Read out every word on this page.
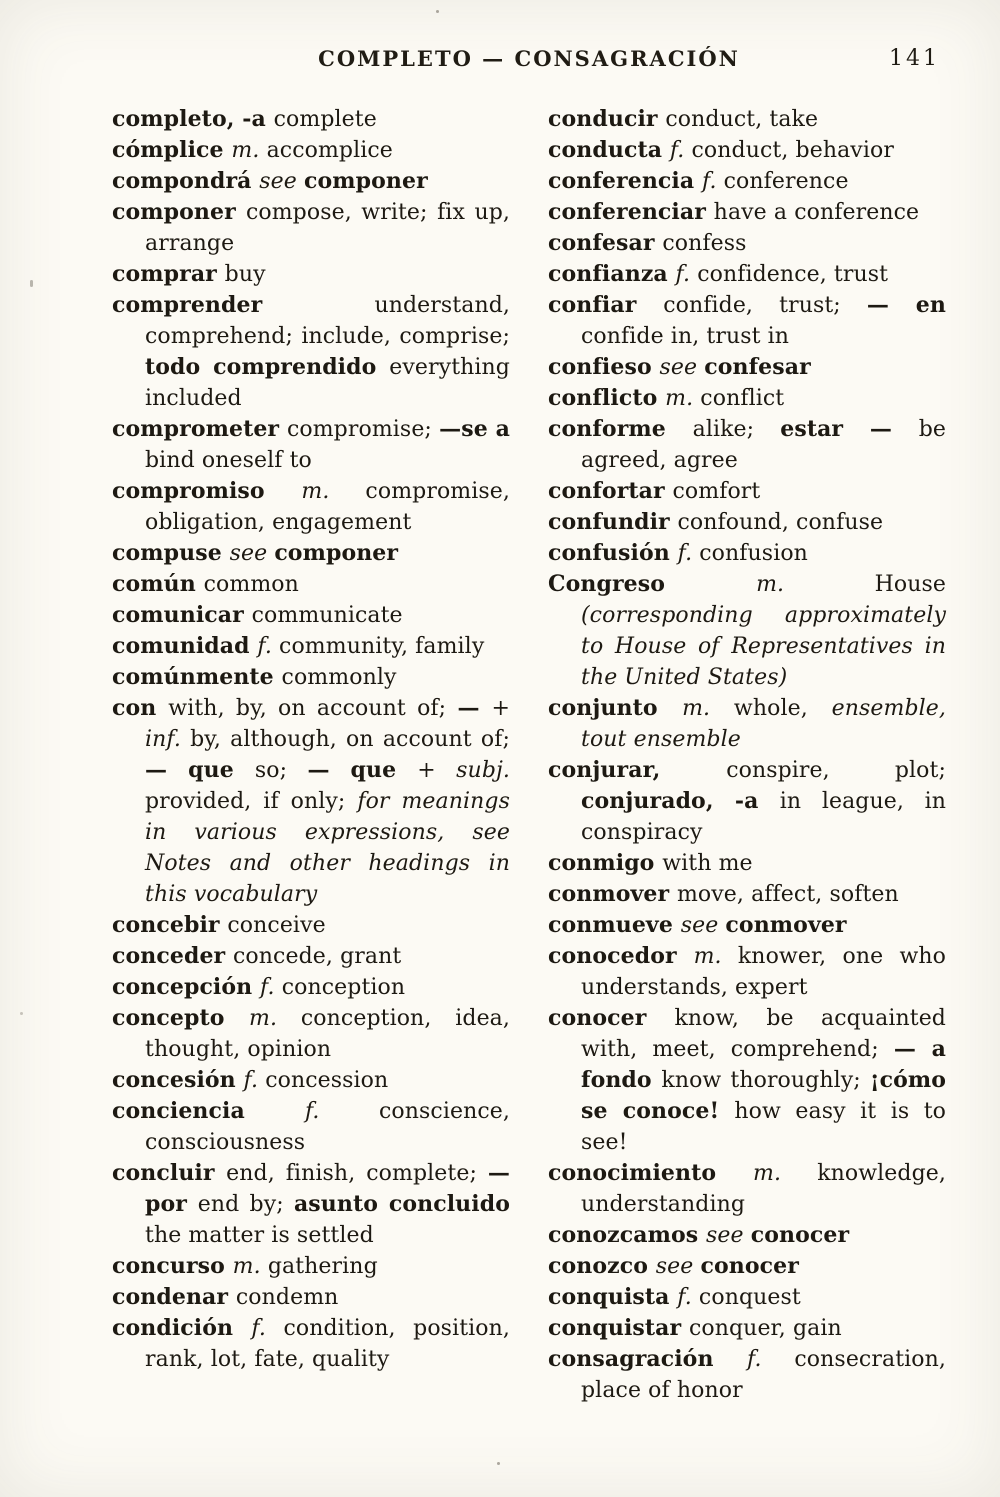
COMPLETO — CONSAGRACIÓN	141

completo, -a complete

cómplice m. accomplice

compondrá see componer

componer compose, write; fix up, arrange

comprar buy

comprender understand, comprehend; include, comprise; todo comprendido everything included

comprometer compromise; —se a bind oneself to

compromiso m. compromise, obligation, engagement

compuse see componer

común common

comunicar communicate

comunidad f. community, family

comúnmente commonly

con with, by, on account of; — + inf. by, although, on account of; — que so; — que + subj. provided, if only; for meanings in various expressions, see Notes and other headings in this vocabulary

concebir conceive

conceder concede, grant

concepción f. conception

concepto m. conception, idea, thought, opinion

concesión f. concession

conciencia f. conscience, consciousness

concluir end, finish, complete; — por end by; asunto concluido the matter is settled

concurso m. gathering

condenar condemn

condición f. condition, position, rank, lot, fate, quality

conducir conduct, take

conducta f. conduct, behavior

conferencia f. conference

conferenciar have a conference

confesar confess

confianza f. confidence, trust

confiar confide, trust; — en confide in, trust in

confieso see confesar

conflicto m. conflict

conforme alike; estar — be agreed, agree

confortar comfort

confundir confound, confuse

confusión f. confusion

Congreso m. House (corresponding approximately to House of Representatives in the United States)

conjunto m. whole, ensemble, tout ensemble

conjurar, conspire, plot; conjurado, -a in league, in conspiracy

conmigo with me

conmover move, affect, soften

conmueve see conmover

conocedor m. knower, one who understands, expert

conocer know, be acquainted with, meet, comprehend; — a fondo know thoroughly; ¡cómo se conoce! how easy it is to see!

conocimiento m. knowledge, understanding

conozcamos see conocer

conozco see conocer

conquista f. conquest

conquistar conquer, gain

consagración f. consecration, place of honor
